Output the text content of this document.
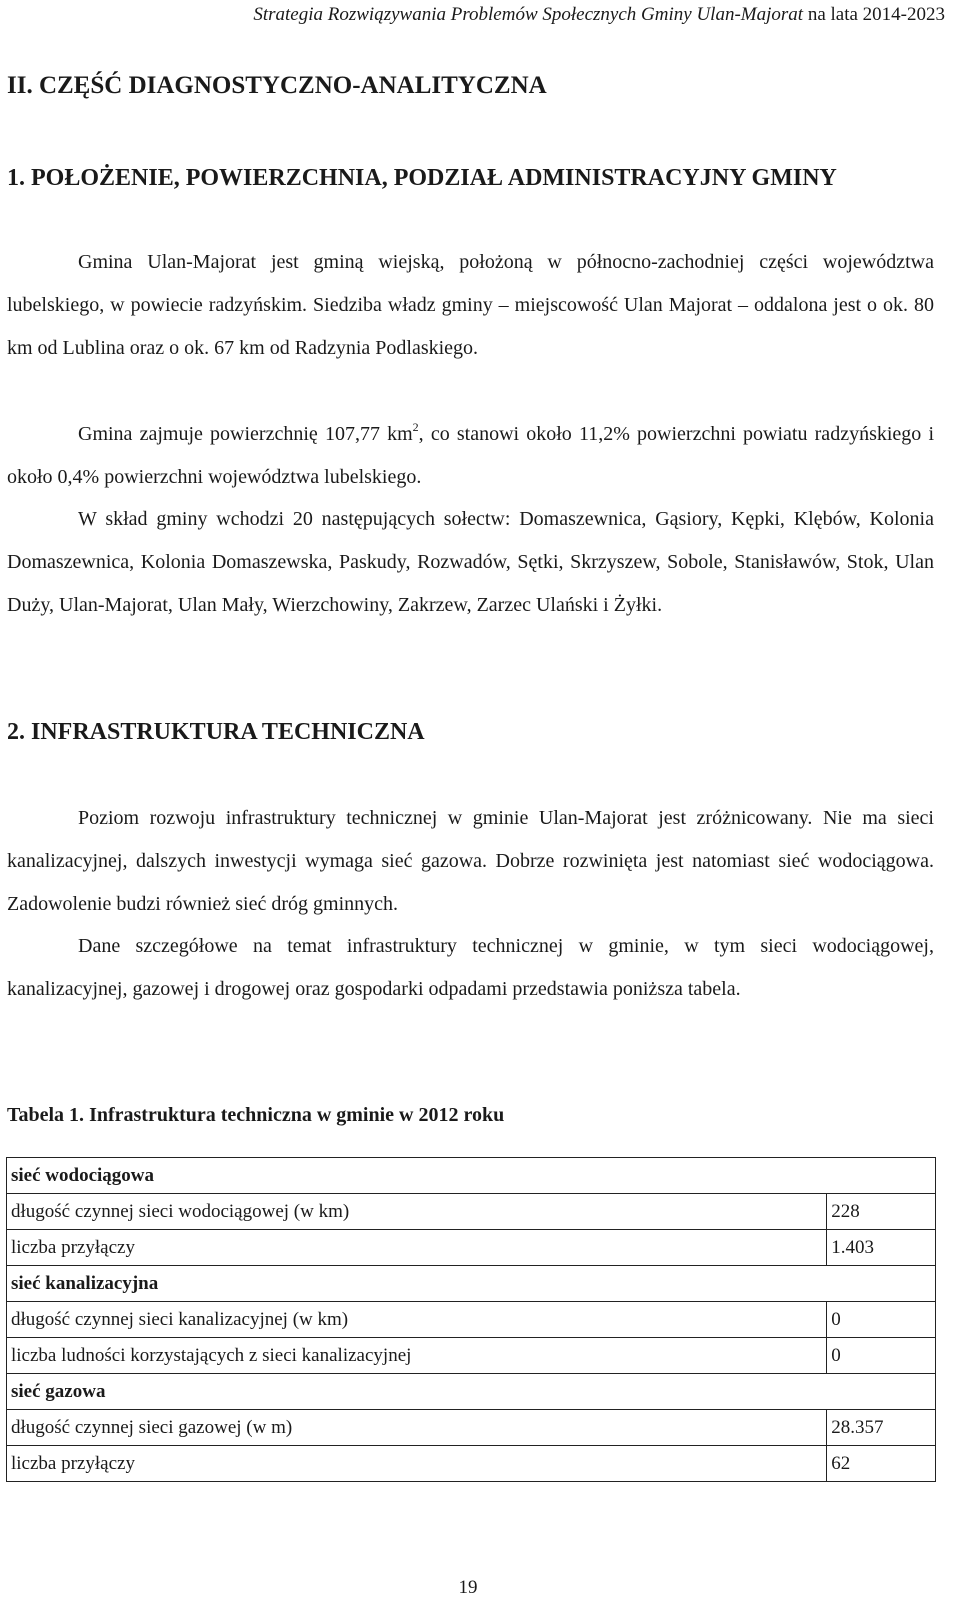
Strategia Rozwiązywania Problemów Społecznych Gminy Ulan-Majorat na lata 2014-2023
II. CZĘŚĆ DIAGNOSTYCZNO-ANALITYCZNA
1. POŁOŻENIE, POWIERZCHNIA, PODZIAŁ ADMINISTRACYJNY GMINY

Gmina Ulan-Majorat jest gminą wiejską, położoną w północno-zachodniej części województwa lubelskiego, w powiecie radzyńskim. Siedziba władz gminy – miejscowość Ulan Majorat – oddalona jest o ok. 80 km od Lublina oraz o ok. 67 km od Radzynia Podlaskiego.

Gmina zajmuje powierzchnię 107,77 $km^2$, co stanowi około 11,2% powierzchni powiatu radzyńskiego i około 0,4% powierzchni województwa lubelskiego.

W skład gminy wchodzi 20 następujących sołectw: Domaszewnica, Gąsiory, Kępki, Klębów, Kolonia Domaszewnica, Kolonia Domaszewska, Paskudy, Rozwadów, Sętki, Skrzyszew, Sobole, Stanisławów, Stok, Ulan Duży, Ulan-Majorat, Ulan Mały, Wierzchowiny, Zakrzew, Zarzec Ulański i Żyłki.

2. INFRASTRUKTURA TECHNICZNA

Poziom rozwoju infrastruktury technicznej w gminie Ulan-Majorat jest zróżnicowany. Nie ma sieci kanalizacyjnej, dalszych inwestycji wymaga sieć gazowa. Dobrze rozwinięta jest natomiast sieć wodociągowa. Zadowolenie budzi również sieć dróg gminnych.

Dane szczegółowe na temat infrastruktury technicznej w gminie, w tym sieci wodociągowej, kanalizacyjnej, gazowej i drogowej oraz gospodarki odpadami przedstawia poniższa tabela.

Tabela 1. Infrastruktura techniczna w gminie w 2012 roku

sieć wodociągowa	
długość czynnej sieci wodociągowej (w km)	228
liczba przyłączy	1.403
sieć kanalizacyjna	
długość czynnej sieci kanalizacyjnej (w km)	0
liczba ludności korzystających z sieci kanalizacyjnej	0
sieć gazowa	
długość czynnej sieci gazowej (w m)	28.357
liczba przyłączy	62
19
